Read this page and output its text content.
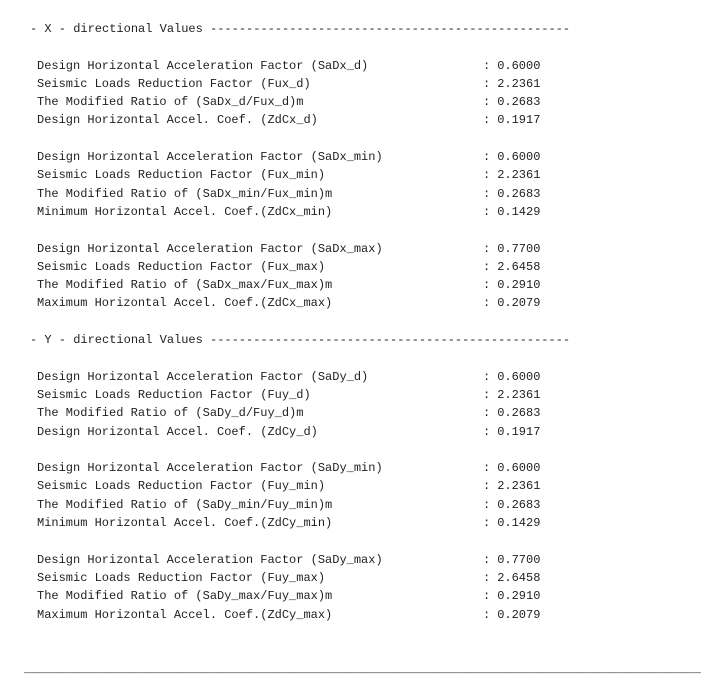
- X - directional Values --------------------------------------------------
Design Horizontal Acceleration Factor (SaDx_d)	: 0.6000
Seismic Loads Reduction Factor (Fux_d)	: 2.2361
The Modified Ratio of (SaDx_d/Fux_d)m	: 0.2683
Design Horizontal Accel. Coef. (ZdCx_d)	: 0.1917
Design Horizontal Acceleration Factor (SaDx_min)	: 0.6000
Seismic Loads Reduction Factor (Fux_min)	: 2.2361
The Modified Ratio of (SaDx_min/Fux_min)m	: 0.2683
Minimum Horizontal Accel. Coef.(ZdCx_min)	: 0.1429
Design Horizontal Acceleration Factor (SaDx_max)	: 0.7700
Seismic Loads Reduction Factor (Fux_max)	: 2.6458
The Modified Ratio of (SaDx_max/Fux_max)m	: 0.2910
Maximum Horizontal Accel. Coef.(ZdCx_max)	: 0.2079
- Y - directional Values --------------------------------------------------
Design Horizontal Acceleration Factor (SaDy_d)	: 0.6000
Seismic Loads Reduction Factor (Fuy_d)	: 2.2361
The Modified Ratio of (SaDy_d/Fuy_d)m	: 0.2683
Design Horizontal Accel. Coef. (ZdCy_d)	: 0.1917
Design Horizontal Acceleration Factor (SaDy_min)	: 0.6000
Seismic Loads Reduction Factor (Fuy_min)	: 2.2361
The Modified Ratio of (SaDy_min/Fuy_min)m	: 0.2683
Minimum Horizontal Accel. Coef.(ZdCy_min)	: 0.1429
Design Horizontal Acceleration Factor (SaDy_max)	: 0.7700
Seismic Loads Reduction Factor (Fuy_max)	: 2.6458
The Modified Ratio of (SaDy_max/Fuy_max)m	: 0.2910
Maximum Horizontal Accel. Coef.(ZdCy_max)	: 0.2079
______________________________________________________________________________________________
